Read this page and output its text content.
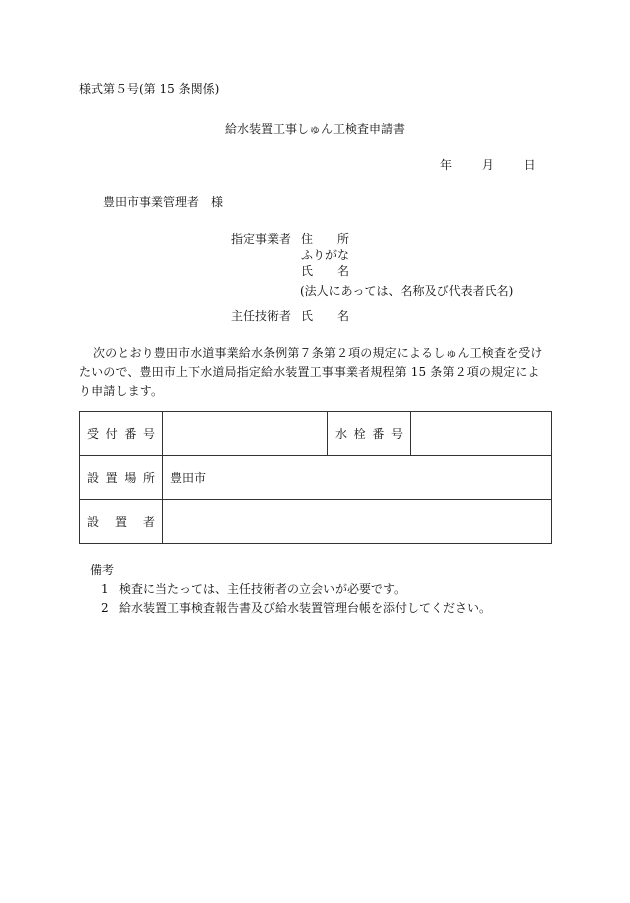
様式第５号(第 15 条関係)
給水装置工事しゅん工検査申請書
年 月 日
豊田市事業管理者　様
指定事業者 住　　所
ふりがな
氏　　名
(法人にあっては、名称及び代表者氏名)
主任技術者 氏　　名
次のとおり豊田市水道事業給水条例第７条第２項の規定によるしゅん工検査を受けたいので、豊田市上下水道局指定給水装置工事事業者規程第 15 条第２項の規定により申請します。
受付番号		水栓番号	
設置場所	豊田市		
設置者			
備考
1 検査に当たっては、主任技術者の立会いが必要です。
2 給水装置工事検査報告書及び給水装置管理台帳を添付してください。
